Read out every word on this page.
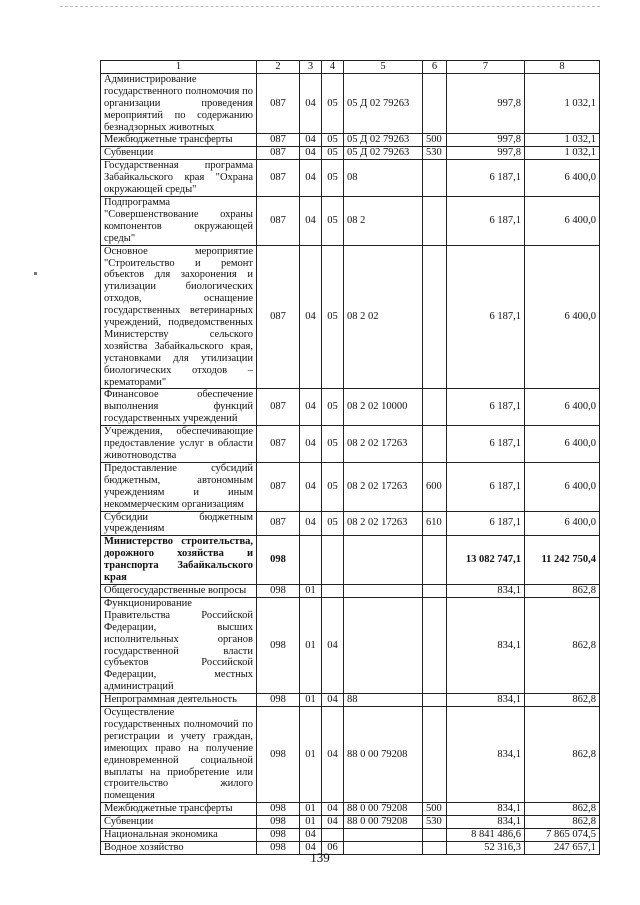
1	2	3	4	5	6	7	8
Администрирование государственного полномочия по организации проведения мероприятий по содержанию безнадзорных животных	087	04	05	05 Д 02 79263		997,8	1 032,1
Межбюджетные трансферты	087	04	05	05 Д 02 79263	500	997,8	1 032,1
Субвенции	087	04	05	05 Д 02 79263	530	997,8	1 032,1
Государственная программа Забайкальского края "Охрана окружающей среды"	087	04	05	08		6 187,1	6 400,0
Подпрограмма "Совершенствование охраны компонентов окружающей среды"	087	04	05	08 2		6 187,1	6 400,0
Основное мероприятие "Строительство и ремонт объектов для захоронения и утилизации биологических отходов, оснащение государственных ветеринарных учреждений, подведомственных Министерству сельского хозяйства Забайкальского края, установками для утилизации биологических отходов – крематорами"	087	04	05	08 2 02		6 187,1	6 400,0
Финансовое обеспечение выполнения функций государственных учреждений	087	04	05	08 2 02 10000		6 187,1	6 400,0
Учреждения, обеспечивающие предоставление услуг в области животноводства	087	04	05	08 2 02 17263		6 187,1	6 400,0
Предоставление субсидий бюджетным, автономным учреждениям и иным некоммерческим организациям	087	04	05	08 2 02 17263	600	6 187,1	6 400,0
Субсидии бюджетным учреждениям	087	04	05	08 2 02 17263	610	6 187,1	6 400,0
Министерство строительства, дорожного хозяйства и транспорта Забайкальского края	098					13 082 747,1	11 242 750,4
Общегосударственные вопросы	098	01				834,1	862,8
Функционирование Правительства Российской Федерации, высших исполнительных органов государственной власти субъектов Российской Федерации, местных администраций	098	01	04			834,1	862,8
Непрограммная деятельность	098	01	04	88		834,1	862,8
Осуществление государственных полномочий по регистрации и учету граждан, имеющих право на получение единовременной социальной выплаты на приобретение или строительство жилого помещения	098	01	04	88 0 00 79208		834,1	862,8
Межбюджетные трансферты	098	01	04	88 0 00 79208	500	834,1	862,8
Субвенции	098	01	04	88 0 00 79208	530	834,1	862,8
Национальная экономика	098	04				8 841 486,6	7 865 074,5
Водное хозяйство	098	04	06			52 316,3	247 657,1
139
